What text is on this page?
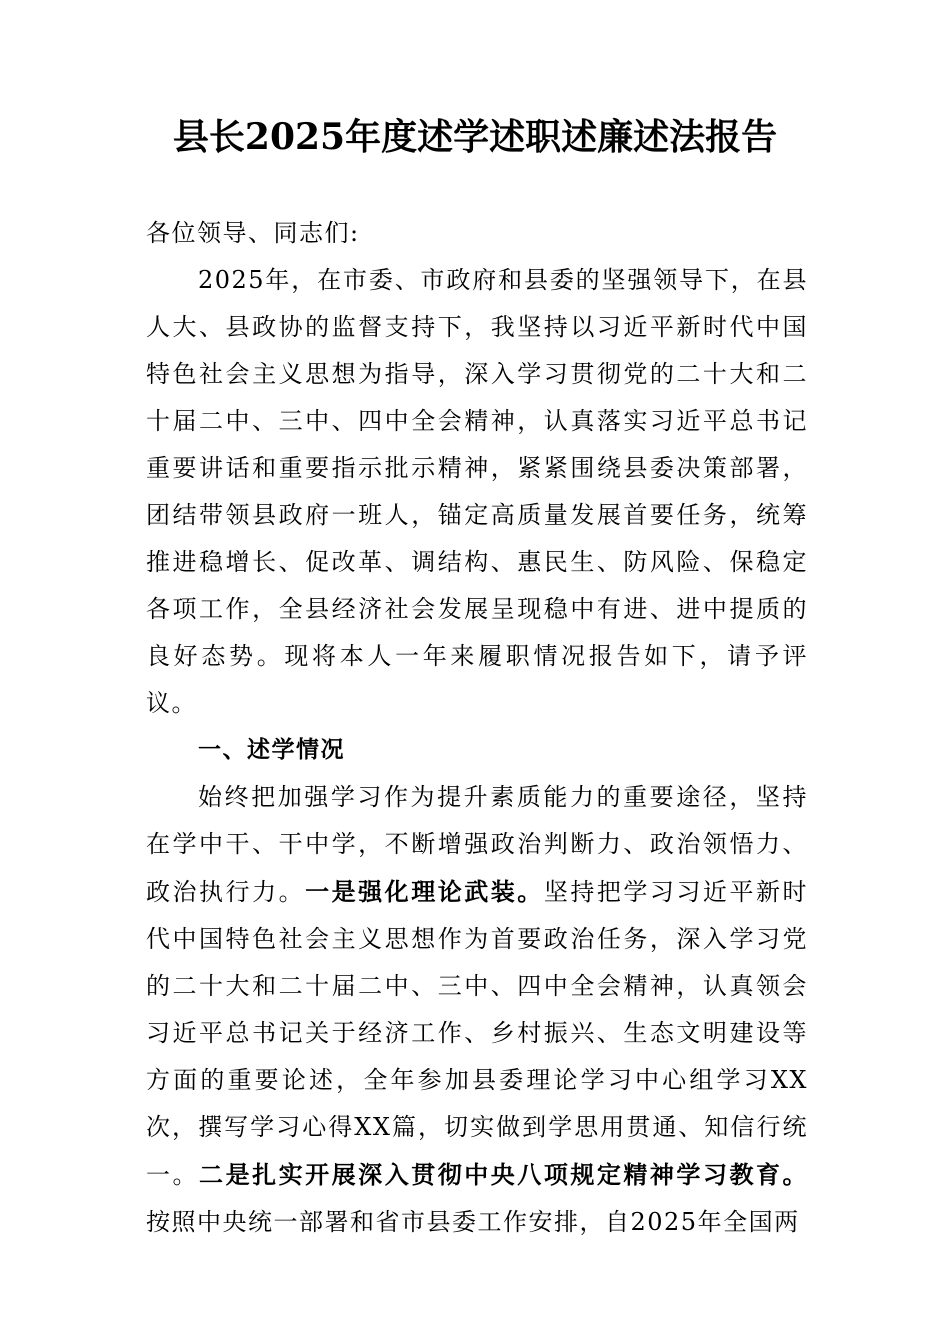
县长2025年度述学述职述廉述法报告

各位领导、同志们:

2025年，在市委、市政府和县委的坚强领导下，在县人大、县政协的监督支持下，我坚持以习近平新时代中国特色社会主义思想为指导，深入学习贯彻党的二十大和二十届二中、三中、四中全会精神，认真落实习近平总书记重要讲话和重要指示批示精神，紧紧围绕县委决策部署，团结带领县政府一班人，锚定高质量发展首要任务，统筹推进稳增长、促改革、调结构、惠民生、防风险、保稳定各项工作，全县经济社会发展呈现稳中有进、进中提质的良好态势。现将本人一年来履职情况报告如下，请予评议。

一、述学情况

始终把加强学习作为提升素质能力的重要途径，坚持在学中干、干中学，不断增强政治判断力、政治领悟力、政治执行力。一是强化理论武装。坚持把学习习近平新时代中国特色社会主义思想作为首要政治任务，深入学习党的二十大和二十届二中、三中、四中全会精神，认真领会习近平总书记关于经济工作、乡村振兴、生态文明建设等方面的重要论述，全年参加县委理论学习中心组学习XX次，撰写学习心得XX篇，切实做到学思用贯通、知信行统一。二是扎实开展深入贯彻中央八项规定精神学习教育。按照中央统一部署和省市县委工作安排，自2025年全国两
